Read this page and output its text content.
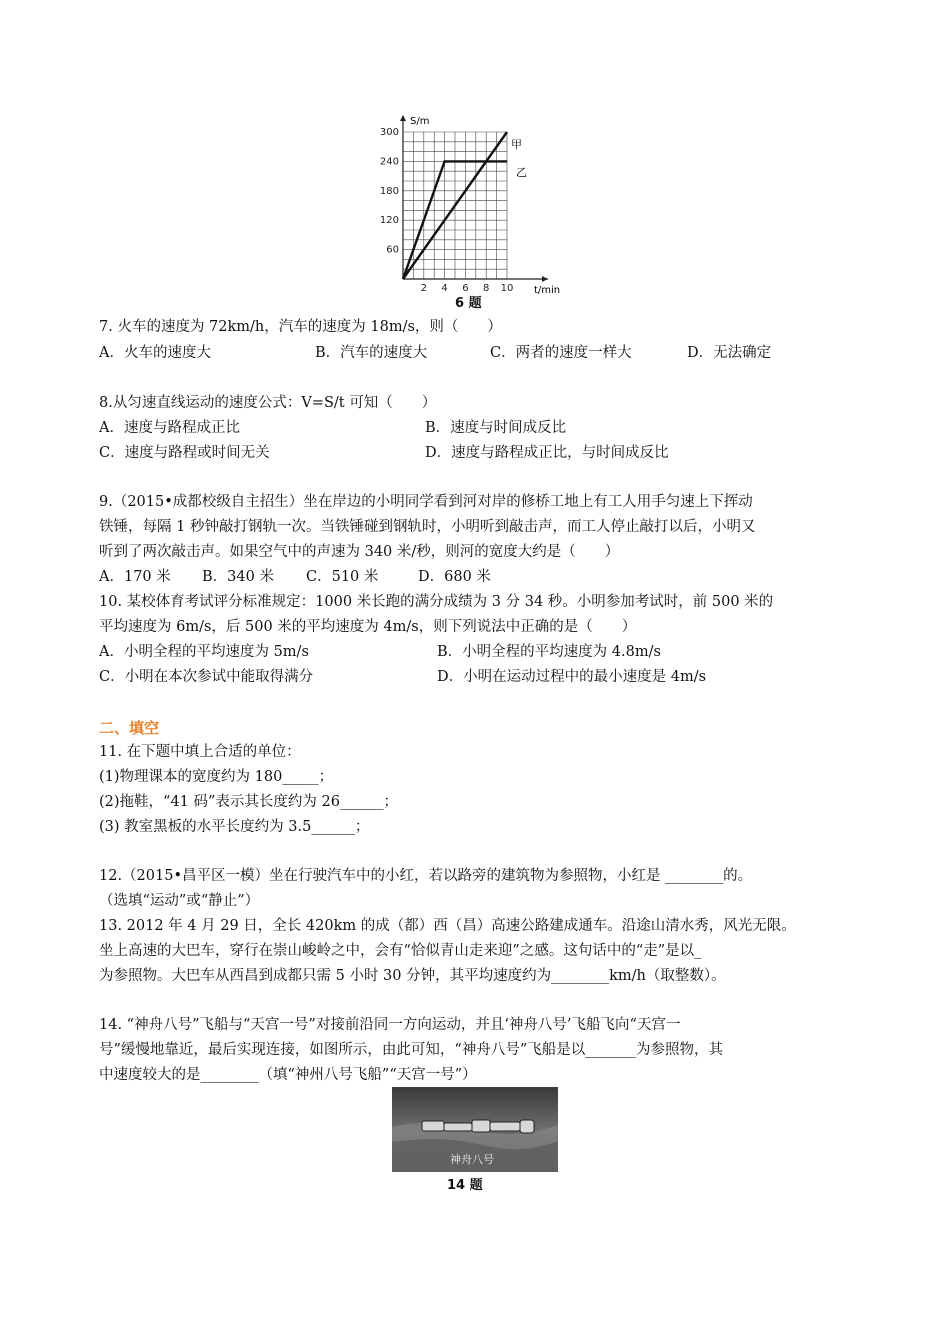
60
120
180
240
300
2 4 6 8 10
S/m
t/min
甲
乙
6 题
7. 火车的速度为 72km/h，汽车的速度为 18m/s，则（　　）
A．火车的速度大	B．汽车的速度大	C．两者的速度一样大	D．无法确定
8.从匀速直线运动的速度公式：V=S/t 可知（　　）
A．速度与路程成正比	B．速度与时间成反比
C．速度与路程或时间无关	D．速度与路程成正比，与时间成反比
9.（2015•成都校级自主招生）坐在岸边的小明同学看到河对岸的修桥工地上有工人用手匀速上下挥动
铁锤，每隔 1 秒钟敲打钢轨一次。当铁锤碰到钢轨时，小明听到敲击声，而工人停止敲打以后，小明又
听到了两次敲击声。如果空气中的声速为 340 米/秒，则河的宽度大约是（　　）
A．170 米 B．340 米 C．510 米	D．680 米
10. 某校体育考试评分标准规定：1000 米长跑的满分成绩为 3 分 34 秒。小明参加考试时，前 500 米的
平均速度为 6m/s，后 500 米的平均速度为 4m/s，则下列说法中正确的是（　　）
A．小明全程的平均速度为 5m/s	B．小明全程的平均速度为 4.8m/s
C．小明在本次参试中能取得满分	D．小明在运动过程中的最小速度是 4m/s
二、填空
11. 在下题中填上合适的单位：
(1)物理课本的宽度约为 180_____；
(2)拖鞋，“41 码”表示其长度约为 26______；
(3) 教室黑板的水平长度约为 3.5______；
12.（2015•昌平区一模）坐在行驶汽车中的小红，若以路旁的建筑物为参照物，小红是 ________的。
（选填“运动”或“静止”）
13. 2012 年 4 月 29 日，全长 420km 的成（都）西（昌）高速公路建成通车。沿途山清水秀，风光无限。
坐上高速的大巴车，穿行在崇山峻岭之中，会有“恰似青山走来迎”之感。这句话中的“走”是以_
为参照物。大巴车从西昌到成都只需 5 小时 30 分钟，其平均速度约为________km/h（取整数）。
14. “神舟八号”飞船与“天宫一号”对接前沿同一方向运动，并且‘神舟八号’飞船飞向“天宫一
号”缓慢地靠近，最后实现连接，如图所示，由此可知，“神舟八号”飞船是以_______为参照物，其
中速度较大的是________（填“神州八号飞船”“天宫一号”）
神舟八号
14 题
